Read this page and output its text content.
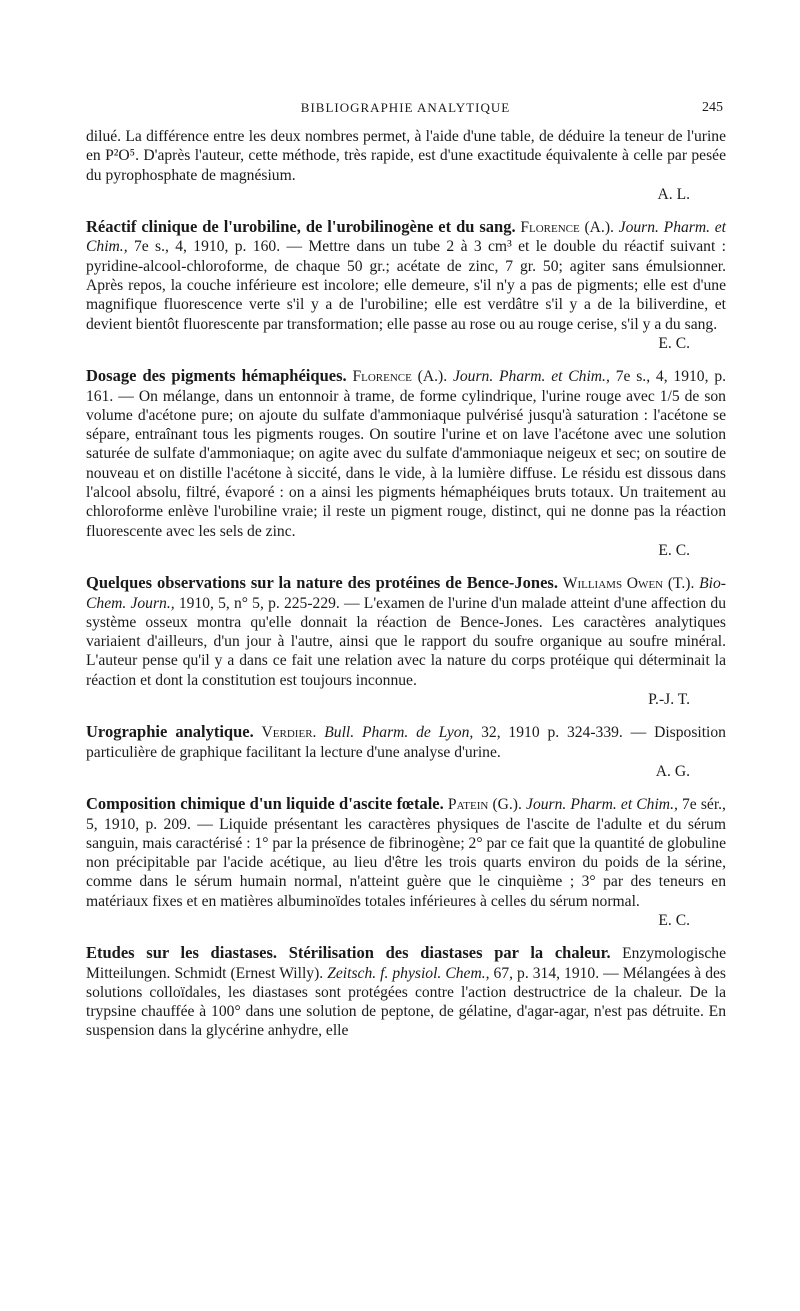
BIBLIOGRAPHIE ANALYTIQUE	245

dilué. La différence entre les deux nombres permet, à l'aide d'une table, de déduire la teneur de l'urine en P²O⁵. D'après l'auteur, cette méthode, très rapide, est d'une exactitude équivalente à celle par pesée du pyrophosphate de magnésium.

A. L.

Réactif clinique de l'urobiline, de l'urobilinogène et du sang. Florence (A.). Journ. Pharm. et Chim., 7e s., 4, 1910, p. 160. — Mettre dans un tube 2 à 3 cm³ et le double du réactif suivant : pyridine-alcool-chloroforme, de chaque 50 gr.; acétate de zinc, 7 gr. 50; agiter sans émulsionner. Après repos, la couche inférieure est incolore; elle demeure, s'il n'y a pas de pigments; elle est d'une magnifique fluorescence verte s'il y a de l'urobiline; elle est verdâtre s'il y a de la biliverdine, et devient bientôt fluorescente par transformation; elle passe au rose ou au rouge cerise, s'il y a du sang.

E. C.

Dosage des pigments hémaphéiques. Florence (A.). Journ. Pharm. et Chim., 7e s., 4, 1910, p. 161. — On mélange, dans un entonnoir à trame, de forme cylindrique, l'urine rouge avec 1/5 de son volume d'acétone pure; on ajoute du sulfate d'ammoniaque pulvérisé jusqu'à saturation : l'acétone se sépare, entraînant tous les pigments rouges. On soutire l'urine et on lave l'acétone avec une solution saturée de sulfate d'ammoniaque; on agite avec du sulfate d'ammoniaque neigeux et sec; on soutire de nouveau et on distille l'acétone à siccité, dans le vide, à la lumière diffuse. Le résidu est dissous dans l'alcool absolu, filtré, évaporé : on a ainsi les pigments hémaphéiques bruts totaux. Un traitement au chloroforme enlève l'urobiline vraie; il reste un pigment rouge, distinct, qui ne donne pas la réaction fluorescente avec les sels de zinc.

E. C.

Quelques observations sur la nature des protéines de Bence-Jones. Williams Owen (T.). Bio-Chem. Journ., 1910, 5, n° 5, p. 225-229. — L'examen de l'urine d'un malade atteint d'une affection du système osseux montra qu'elle donnait la réaction de Bence-Jones. Les caractères analytiques variaient d'ailleurs, d'un jour à l'autre, ainsi que le rapport du soufre organique au soufre minéral. L'auteur pense qu'il y a dans ce fait une relation avec la nature du corps protéique qui déterminait la réaction et dont la constitution est toujours inconnue.

P.-J. T.

Urographie analytique. Verdier. Bull. Pharm. de Lyon, 32, 1910 p. 324-339. — Disposition particulière de graphique facilitant la lecture d'une analyse d'urine.

A. G.

Composition chimique d'un liquide d'ascite fœtale. Patein (G.). Journ. Pharm. et Chim., 7e sér., 5, 1910, p. 209. — Liquide présentant les caractères physiques de l'ascite de l'adulte et du sérum sanguin, mais caractérisé : 1° par la présence de fibrinogène; 2° par ce fait que la quantité de globuline non précipitable par l'acide acétique, au lieu d'être les trois quarts environ du poids de la sérine, comme dans le sérum humain normal, n'atteint guère que le cinquième ; 3° par des teneurs en matériaux fixes et en matières albuminoïdes totales inférieures à celles du sérum normal.

E. C.

Etudes sur les diastases. Stérilisation des diastases par la chaleur. Enzymologische Mitteilungen. Schmidt (Ernest Willy). Zeitsch. f. physiol. Chem., 67, p. 314, 1910. — Mélangées à des solutions colloïdales, les diastases sont protégées contre l'action destructrice de la chaleur. De la trypsine chauffée à 100° dans une solution de peptone, de gélatine, d'agar-agar, n'est pas détruite. En suspension dans la glycérine anhydre, elle
